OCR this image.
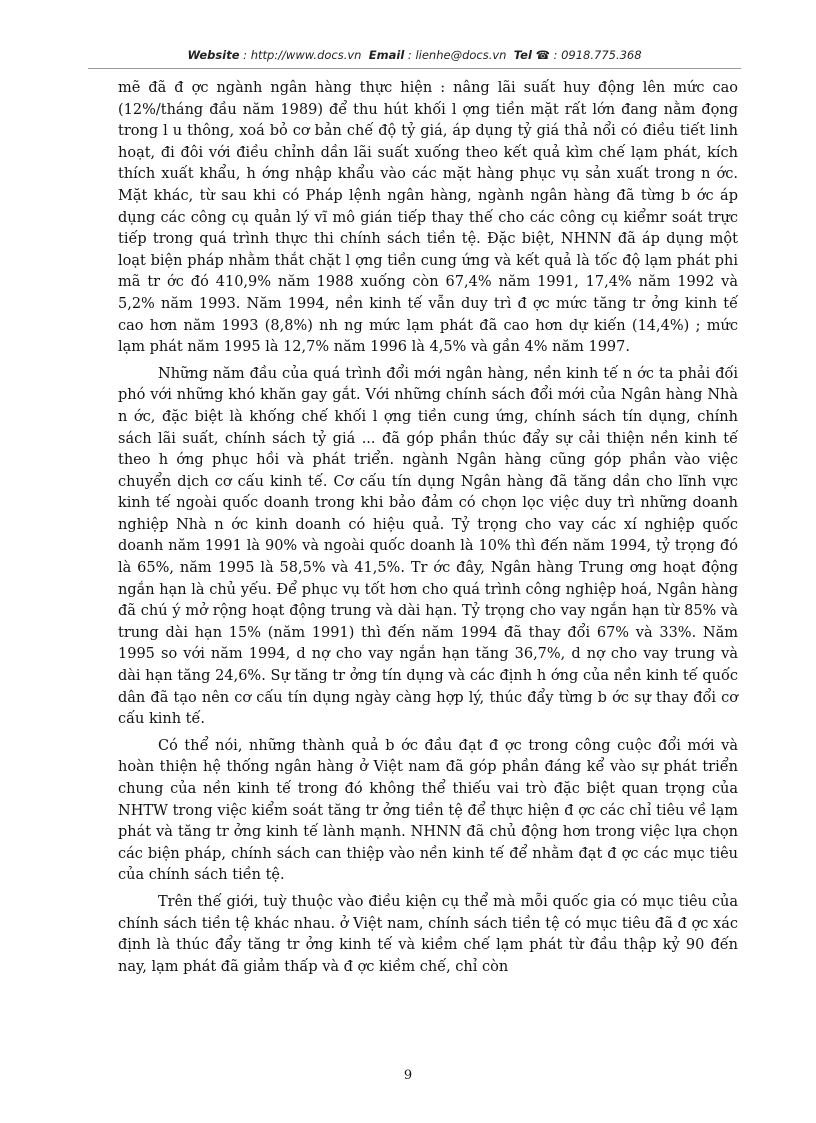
Website : http://www.docs.vn Email : lienhe@docs.vn Tel ☎ : 0918.775.368

mẽ đã đ ợc ngành ngân hàng thực hiện : nâng lãi suất huy động lên mức cao (12%/tháng đầu năm 1989) để thu hút khối l ợng tiền mặt rất lớn đang nằm đọng trong l u thông, xoá bỏ cơ bản chế độ tỷ giá, áp dụng tỷ giá thả nổi có điều tiết linh hoạt, đi đôi với điều chỉnh dần lãi suất xuống theo kết quả kìm chế lạm phát, kích thích xuất khẩu, h ớng nhập khẩu vào các mặt hàng phục vụ sản xuất trong n ớc. Mặt khác, từ sau khi có Pháp lệnh ngân hàng, ngành ngân hàng đã từng b ớc áp dụng các công cụ quản lý vĩ mô gián tiếp thay thế cho các công cụ kiểmr soát trực tiếp trong quá trình thực thi chính sách tiền tệ. Đặc biệt, NHNN đã áp dụng một loạt biện pháp nhằm thắt chặt l ợng tiền cung ứng và kết quả là tốc độ lạm phát phi mã tr ớc đó 410,9% năm 1988 xuống còn 67,4% năm 1991, 17,4% năm 1992 và 5,2% năm 1993. Năm 1994, nền kinh tế vẫn duy trì đ ợc mức tăng tr ởng kinh tế cao hơn năm 1993 (8,8%) nh ng mức lạm phát đã cao hơn dự kiến (14,4%) ; mức lạm phát năm 1995 là 12,7% năm 1996 là 4,5% và gần 4% năm 1997.

Những năm đầu của quá trình đổi mới ngân hàng, nền kinh tế n ớc ta phải đối phó với những khó khăn gay gắt. Với những chính sách đổi mới của Ngân hàng Nhà n ớc, đặc biệt là khống chế khối l ợng tiền cung ứng, chính sách tín dụng, chính sách lãi suất, chính sách tỷ giá ... đã góp phần thúc đẩy sự cải thiện nền kinh tế theo h ớng phục hồi và phát triển. ngành Ngân hàng cũng góp phần vào việc chuyển dịch cơ cấu kinh tế. Cơ cấu tín dụng Ngân hàng đã tăng dần cho lĩnh vực kinh tế ngoài quốc doanh trong khi bảo đảm có chọn lọc việc duy trì những doanh nghiệp Nhà n ớc kinh doanh có hiệu quả. Tỷ trọng cho vay các xí nghiệp quốc doanh năm 1991 là 90% và ngoài quốc doanh là 10% thì đến năm 1994, tỷ trọng đó là 65%, năm 1995 là 58,5% và 41,5%. Tr ớc đây, Ngân hàng Trung ơng hoạt động ngắn hạn là chủ yếu. Để phục vụ tốt hơn cho quá trình công nghiệp hoá, Ngân hàng đã chú ý mở rộng hoạt động trung và dài hạn. Tỷ trọng cho vay ngắn hạn từ 85% và trung dài hạn 15% (năm 1991) thì đến năm 1994 đã thay đổi 67% và 33%. Năm 1995 so với năm 1994, d nợ cho vay ngắn hạn tăng 36,7%, d nợ cho vay trung và dài hạn tăng 24,6%. Sự tăng tr ởng tín dụng và các định h ớng của nền kinh tế quốc dân đã tạo nên cơ cấu tín dụng ngày càng hợp lý, thúc đẩy từng b ớc sự thay đổi cơ cấu kinh tế.

Có thể nói, những thành quả b ớc đầu đạt đ ợc trong công cuộc đổi mới và hoàn thiện hệ thống ngân hàng ở Việt nam đã góp phần đáng kể vào sự phát triển chung của nền kinh tế trong đó không thể thiếu vai trò đặc biệt quan trọng của NHTW trong việc kiểm soát tăng tr ởng tiền tệ để thực hiện đ ợc các chỉ tiêu về lạm phát và tăng tr ởng kinh tế lành mạnh. NHNN đã chủ động hơn trong việc lựa chọn các biện pháp, chính sách can thiệp vào nền kinh tế để nhằm đạt đ ợc các mục tiêu của chính sách tiền tệ.

Trên thế giới, tuỳ thuộc vào điều kiện cụ thể mà mỗi quốc gia có mục tiêu của chính sách tiền tệ khác nhau. ở Việt nam, chính sách tiền tệ có mục tiêu đã đ ợc xác định là thúc đẩy tăng tr ởng kinh tế và kiềm chế lạm phát từ đầu thập kỷ 90 đến nay, lạm phát đã giảm thấp và đ ợc kiềm chế, chỉ còn

9
